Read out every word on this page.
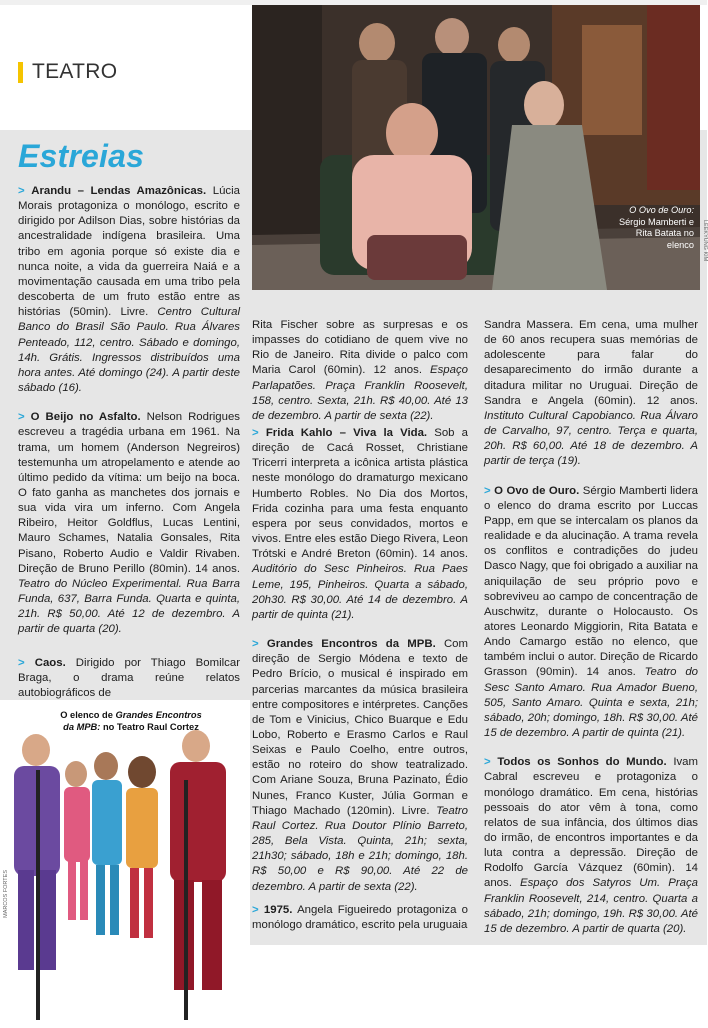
TEATRO
O Ovo de Ouro: Sérgio Mamberti e Rita Batata no elenco LEEKYUNG KIM
Estreias
> Arandu – Lendas Amazônicas. Lúcia Morais protagoniza o monólogo, escrito e dirigido por Adilson Dias, sobre histórias da ancestralidade indígena brasileira. Uma tribo em agonia porque só existe dia e nunca noite, a vida da guerreira Naiá e a movimentação causada em uma tribo pela descoberta de um fruto estão entre as histórias (50min). Livre. Centro Cultural Banco do Brasil São Paulo. Rua Álvares Penteado, 112, centro. Sábado e domingo, 14h. Grátis. Ingressos distribuídos uma hora antes. Até domingo (24). A partir deste sábado (16).
> O Beijo no Asfalto. Nelson Rodrigues escreveu a tragédia urbana em 1961. Na trama, um homem (Anderson Negreiros) testemunha um atropelamento e atende ao último pedido da vítima: um beijo na boca. O fato ganha as manchetes dos jornais e sua vida vira um inferno. Com Angela Ribeiro, Heitor Goldflus, Lucas Lentini, Mauro Schames, Natalia Gonsales, Rita Pisano, Roberto Audio e Valdir Rivaben. Direção de Bruno Perillo (80min). 14 anos. Teatro do Núcleo Experimental. Rua Barra Funda, 637, Barra Funda. Quarta e quinta, 21h. R$ 50,00. Até 12 de dezembro. A partir de quarta (20).
> Caos. Dirigido por Thiago Bomilcar Braga, o drama reúne relatos autobiográficos de
O elenco de Grandes Encontros da MPB: no Teatro Raul Cortez
MARCOS FORTES
Rita Fischer sobre as surpresas e os impasses do cotidiano de quem vive no Rio de Janeiro. Rita divide o palco com Maria Carol (60min). 12 anos. Espaço Parlapatões. Praça Franklin Roosevelt, 158, centro. Sexta, 21h. R$ 40,00. Até 13 de dezembro. A partir de sexta (22).
> Frida Kahlo – Viva la Vida. Sob a direção de Cacá Rosset, Christiane Tricerri interpreta a icônica artista plástica neste monólogo do dramaturgo mexicano Humberto Robles. No Dia dos Mortos, Frida cozinha para uma festa enquanto espera por seus convidados, mortos e vivos. Entre eles estão Diego Rivera, Leon Trótski e André Breton (60min). 14 anos. Auditório do Sesc Pinheiros. Rua Paes Leme, 195, Pinheiros. Quarta a sábado, 20h30. R$ 30,00. Até 14 de dezembro. A partir de quinta (21).
> Grandes Encontros da MPB. Com direção de Sergio Módena e texto de Pedro Brício, o musical é inspirado em parcerias marcantes da música brasileira entre compositores e intérpretes. Canções de Tom e Vinicius, Chico Buarque e Edu Lobo, Roberto e Erasmo Carlos e Raul Seixas e Paulo Coelho, entre outros, estão no roteiro do show teatralizado. Com Ariane Souza, Bruna Pazinato, Édio Nunes, Franco Kuster, Júlia Gorman e Thiago Machado (120min). Livre. Teatro Raul Cortez. Rua Doutor Plínio Barreto, 285, Bela Vista. Quinta, 21h; sexta, 21h30; sábado, 18h e 21h; domingo, 18h. R$ 50,00 e R$ 90,00. Até 22 de dezembro. A partir de sexta (22).
> 1975. Angela Figueiredo protagoniza o monólogo dramático, escrito pela uruguaia
Sandra Massera. Em cena, uma mulher de 60 anos recupera suas memórias de adolescente para falar do desaparecimento do irmão durante a ditadura militar no Uruguai. Direção de Sandra e Angela (60min). 12 anos. Instituto Cultural Capobianco. Rua Álvaro de Carvalho, 97, centro. Terça e quarta, 20h. R$ 60,00. Até 18 de dezembro. A partir de terça (19).
> O Ovo de Ouro. Sérgio Mamberti lidera o elenco do drama escrito por Luccas Papp, em que se intercalam os planos da realidade e da alucinação. A trama revela os conflitos e contradições do judeu Dasco Nagy, que foi obrigado a auxiliar na aniquilação de seu próprio povo e sobreviveu ao campo de concentração de Auschwitz, durante o Holocausto. Os atores Leonardo Miggiorin, Rita Batata e Ando Camargo estão no elenco, que também inclui o autor. Direção de Ricardo Grasson (90min). 14 anos. Teatro do Sesc Santo Amaro. Rua Amador Bueno, 505, Santo Amaro. Quinta e sexta, 21h; sábado, 20h; domingo, 18h. R$ 30,00. Até 15 de dezembro. A partir de quinta (21).
> Todos os Sonhos do Mundo. Ivam Cabral escreveu e protagoniza o monólogo dramático. Em cena, histórias pessoais do ator vêm à tona, como relatos de sua infância, dos últimos dias do irmão, de encontros importantes e da luta contra a depressão. Direção de Rodolfo García Vázquez (60min). 14 anos. Espaço dos Satyros Um. Praça Franklin Roosevelt, 214, centro. Quarta a sábado, 21h; domingo, 19h. R$ 30,00. Até 15 de dezembro. A partir de quarta (20).
